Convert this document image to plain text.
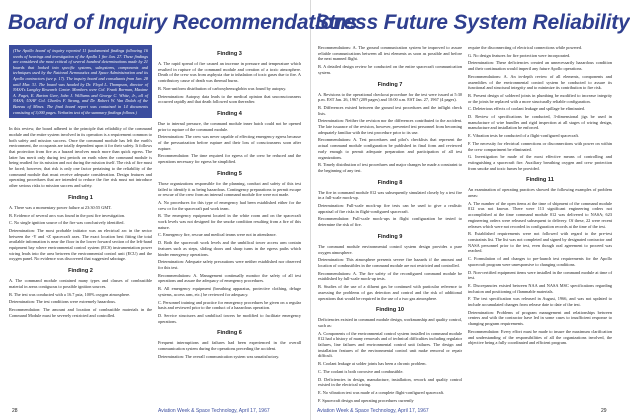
Board of Inquiry Recommendations

(The Apollo board of inquiry reported 11 fundamental findings following 16 weeks of hearings and investigation of the Apollo 1 fire Jan. 27. These findings are considered the most critical of several hundred determinations made by 21 boards that looked into specific systems, subsystems, components and techniques used by the National Aeronautics and Space Administration and its Apollo contractors (see p. 17). The inquiry board and consultants from Jan. 28 until Mar. 31. The board was headed by Dr. Floyd L. Thompson, director of NASA's Langley Research Center. Members were Col. Frank Borman, Maxime A. Faget, E. Barton Geer, John J. Williams and George C. White, Jr., all of NASA; USAF Col. Charles F. Strang, and Dr. Robert W. Van Dolah of the Bureau of Mines. The final board report was contained in 14 documents consisting of 3,000 pages. Verbatim text of the summary findings follows.)

In this review, the board adhered to the principle that reliability of the command module and the entire system involved in its operation is a requirement common to both safety and mission success. Once the command module has left the earth's environment, the occupants are totally dependent upon it for their safety. It follows that protection from fire as a hazard involves much more than quick egress. The latter has merit only during test periods on earth when the command module is being readied for its mission and not during the mission itself. The risk of fire must be faced; however, that risk is only one factor pertaining to the reliability of the command module that must receive adequate consideration. Design features and operating procedures that are intended to reduce the fire risk must not introduce other serious risks to mission success and safety.

Finding 1

A. There was a momentary power failure at 23:30:55 GMT.

B. Evidence of several arcs was found in the post fire investigation.

C. No single ignition source of the fire was conclusively identified.

Determination: The most probable initiator was an electrical arc in the sector between the -Y and +Z spacecraft axes. The exact location best fitting the total available information is near the floor in the lower forward section of the left-hand equipment bay where environmental control system (ECS) instrumentation power wiring leads into the area between the environmental control unit (ECU) and the oxygen panel. No evidence was discovered that suggested sabotage.

Finding 2

A. The command module contained many types and classes of combustible material in areas contiguous to possible ignition sources.

B. The test was conducted with a 16.7 psia, 100% oxygen atmosphere.

Determination: The test conditions were extremely hazardous.

Recommendation: The amount and location of combustible materials in the Command Module must be severely restricted and controlled.

Finding 3

A. The rapid spread of fire caused an increase in pressure and temperature which resulted in rupture of the command module and creation of a toxic atmosphere. Death of the crew was from asphyxia due to inhalation of toxic gases due to fire. A contributory cause of death was thermal burns.

B. Non-uniform distribution of carboxyhemoglobin was found by autopsy.

Determination: Autopsy data leads to the medical opinion that unconsciousness occurred rapidly and that death followed soon thereafter.

Finding 4

Due to internal pressure, the command module inner hatch could not be opened prior to rupture of the command module.

Determination: The crew was never capable of effecting emergency egress because of the pressurization before rupture and their loss of consciousness soon after rupture.

Recommendation: The time required for egress of the crew be reduced and the operations necessary for egress be simplified.

Finding 5

Those organizations responsible for the planning, conduct and safety of this test failed to identify it as being hazardous. Contingency preparations to permit escape or rescue of the crew from an internal command module fire were not made.

A. No procedures for this type of emergency had been established either for the crew or for the spacecraft pad work team.

B. The emergency equipment located in the white room and on the spacecraft work levels was not designed for the smoke condition resulting from a fire of this nature.

C. Emergency fire, rescue and medical teams were not in attendance.

D. Both the spacecraft work levels and the umbilical tower access arm contain features such as steps, sliding doors and sharp turns in the egress paths which hinder emergency operations.

Determination: Adequate safety precautions were neither established nor observed for this test.

Recommendations: A. Management continually monitor the safety of all test operations and assure the adequacy of emergency procedures.

B. All emergency equipment (breathing apparatus, protective clothing, deluge systems, access arm, etc.) be reviewed for adequacy.

C. Personnel training and practice for emergency procedures be given on a regular basis and reviewed prior to the conduct of a hazardous operation.

D. Service structures and umbilical towers be modified to facilitate emergency operations.

Finding 6

Frequent interruptions and failures had been experienced in the overall communication system during the operations preceding the accident.

Determination: The overall communication system was unsatisfactory.

28	Aviation Week & Space Technology, April 17, 1967
Stress Future System Reliability

Recommendations: A. The ground communication system be improved to assure reliable communications between all test elements as soon as possible and before the next manned flight.

B. A detailed design review be conducted on the entire spacecraft communication system.

Finding 7

A. Revisions to the operational checkout procedure for the test were issued at 5:30 p.m. EST Jan. 26, 1967 (209 pages) and 10:00 a.m. EST Jan. 27, 1967 (4 pages).

B. Differences existed between the ground test procedures and the inflight check lists.

Determination: Neither the revision nor the differences contributed to the accident. The late issuance of the revision, however, prevented test personnel from becoming adequately familiar with the test procedure prior to its use.

Recommendations: A. Test procedures and pilot's checklists that represent the actual command module configuration be published in final form and reviewed early enough to permit adequate preparation and participation of all test organizations.

B. Timely distribution of test procedures and major changes be made a constraint to the beginning of any test.

Finding 8

The fire in command module 012 was subsequently simulated closely by a test fire in a full-scale mock-up.

Determination: Full-scale mock-up fire tests can be used to give a realistic appraisal of fire risks in flight-configured spacecraft.

Recommendation: Full-scale mock-ups in flight configuration be tested to determine the risk of fire.

Finding 9

The command module environmental control system design provides a pure oxygen atmosphere.

Determination: This atmosphere presents severe fire hazards if the amount and location of combustibles in the command module are not restricted and controlled.

Recommendations: A. The fire safety of the reconfigured command module be established by full-scale mock-up tests.

B. Studies of the use of a diluent gas be continued with particular reference to assessing the problems of gas detection and control and the risk of additional operations that would be required in the use of a two gas atmosphere.

Finding 10

Deficiencies existed in command module design, workmanship and quality control, such as:

A. Components of the environmental control system installed in command module 012 had a history of many removals and of technical difficulties including regulator failures, line failures and environmental control unit failures. The design and installation features of the environmental control unit make removal or repair difficult.

B. Coolant leakage at solder joints has been a chronic problem.

C. The coolant is both corrosive and combustible.

D. Deficiencies in design, manufacture, installation, rework and quality control existed in the electrical wiring.

E. No vibration test was made of a complete flight-configured spacecraft.

F. Spacecraft design and operating procedures currently

require the disconnecting of electrical connections while powered.

G. No design features for fire protection were incorporated.

Determination: These deficiencies created an unnecessarily hazardous condition and their continuation would imperil any future Apollo operations.

Recommendations: A. An in-depth review of all elements, components and assemblies of the environmental control system be conducted to assure its functional and structural integrity and to minimize its contribution to fire risk.

B. Present design of soldered joints in plumbing be modified to increase integrity or the joints be replaced with a more structurally reliable configuration.

C. Deleterious effects of coolant leakage and spillage be eliminated.

D. Review of specifications be conducted, 3-dimensional jigs be used in manufacture of wire bundles and rigid inspection at all stages of wiring design, manufacture and installation be enforced.

E. Vibration tests be conducted of a flight-configured spacecraft.

F. The necessity for electrical connections or disconnections with power on within the crew compartment be eliminated.

G. Investigation be made of the most effective means of controlling and extinguishing a spacecraft fire. Auxiliary breathing oxygen and crew protection from smoke and toxic fumes be provided.

Finding 11

An examination of operating practices showed the following examples of problem areas:

A. The number of the open items at the time of shipment of the command module 012 was not known. There were 113 significant engineering orders not accomplished at the time command module 012 was delivered to NASA; 623 engineering orders were released subsequent to delivery. Of these, 22 were recent releases which were not recorded in configuration records at the time of the test.

B. Established requirements were not followed with regard to the pre-test constraints list. The list was not completed and signed by designated contractor and NASA personnel prior to the test, even though oral agreement to proceed was reached.

C. Formulation of and changes to pre-launch test requirements for the Apollo spacecraft program were unresponsive to changing conditions.

D. Non-certified equipment items were installed in the command module at time of test.

E. Discrepancies existed between NAA and NASA MSC specifications regarding inclusion and positioning of flammable materials.

F. The test specification was released in August, 1966, and was not updated to include accumulated changes from release date to date of the test.

Determination: Problems of program management and relationships between centers and with the contractor have led in some cases to insufficient response to changing program requirements.

Recommendation: Every effort must be made to insure the maximum clarification and understanding of the responsibilities of all the organizations involved, the objective being a fully coordinated and efficient program.

Aviation Week & Space Technology, April 17, 1967	29
